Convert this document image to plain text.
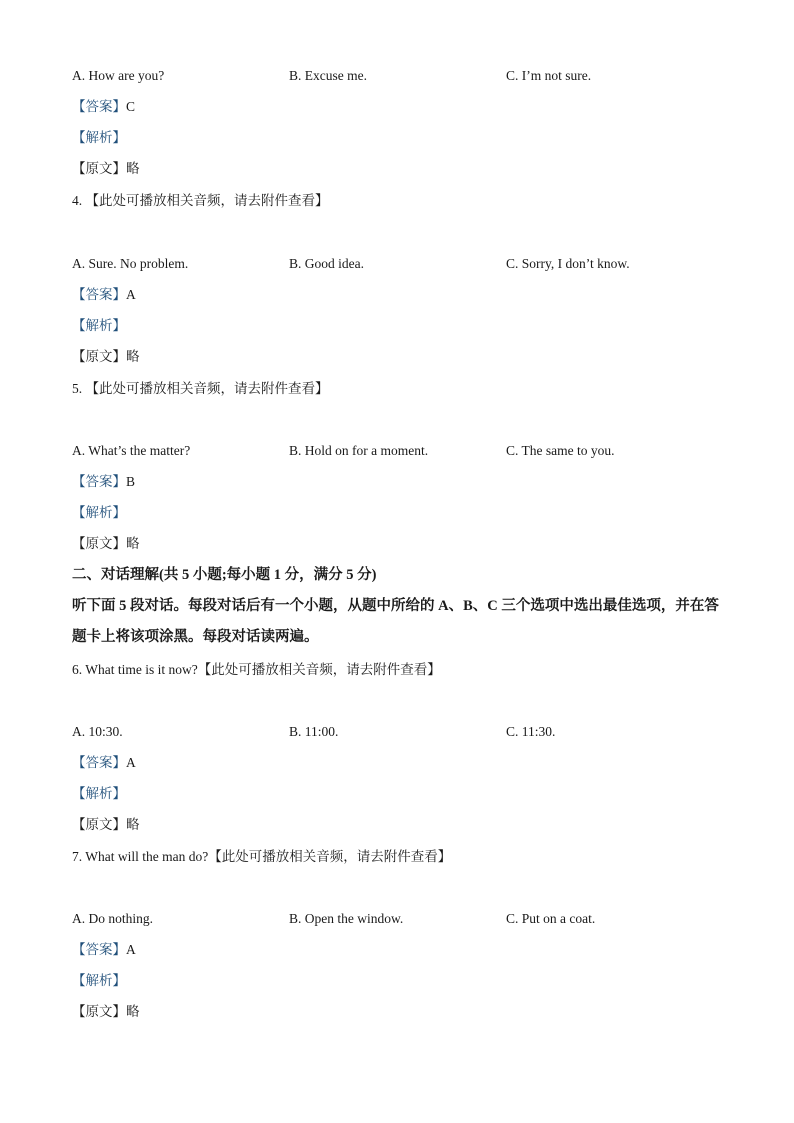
A. How are you?	B. Excuse me.	C. I’m not sure.
【答案】C
【解析】
【原文】略
4. 【此处可播放相关音频，请去附件查看】
A. Sure. No problem.	B. Good idea.	C. Sorry, I don’t know.
【答案】A
【解析】
【原文】略
5. 【此处可播放相关音频，请去附件查看】
A. What’s the matter?	B. Hold on for a moment.	C. The same to you.
【答案】B
【解析】
【原文】略
二、对话理解(共 5 小题;每小题 1 分，满分 5 分)
听下面 5 段对话。每段对话后有一个小题，从题中所给的 A、B、C 三个选项中选出最佳选项，并在答题卡上将该项涂黑。每段对话读两遍。
6. What time is it now?【此处可播放相关音频，请去附件查看】
A. 10:30.	B. 11:00.	C. 11:30.
【答案】A
【解析】
【原文】略
7. What will the man do?【此处可播放相关音频，请去附件查看】
A. Do nothing.	B. Open the window.	C. Put on a coat.
【答案】A
【解析】
【原文】略
